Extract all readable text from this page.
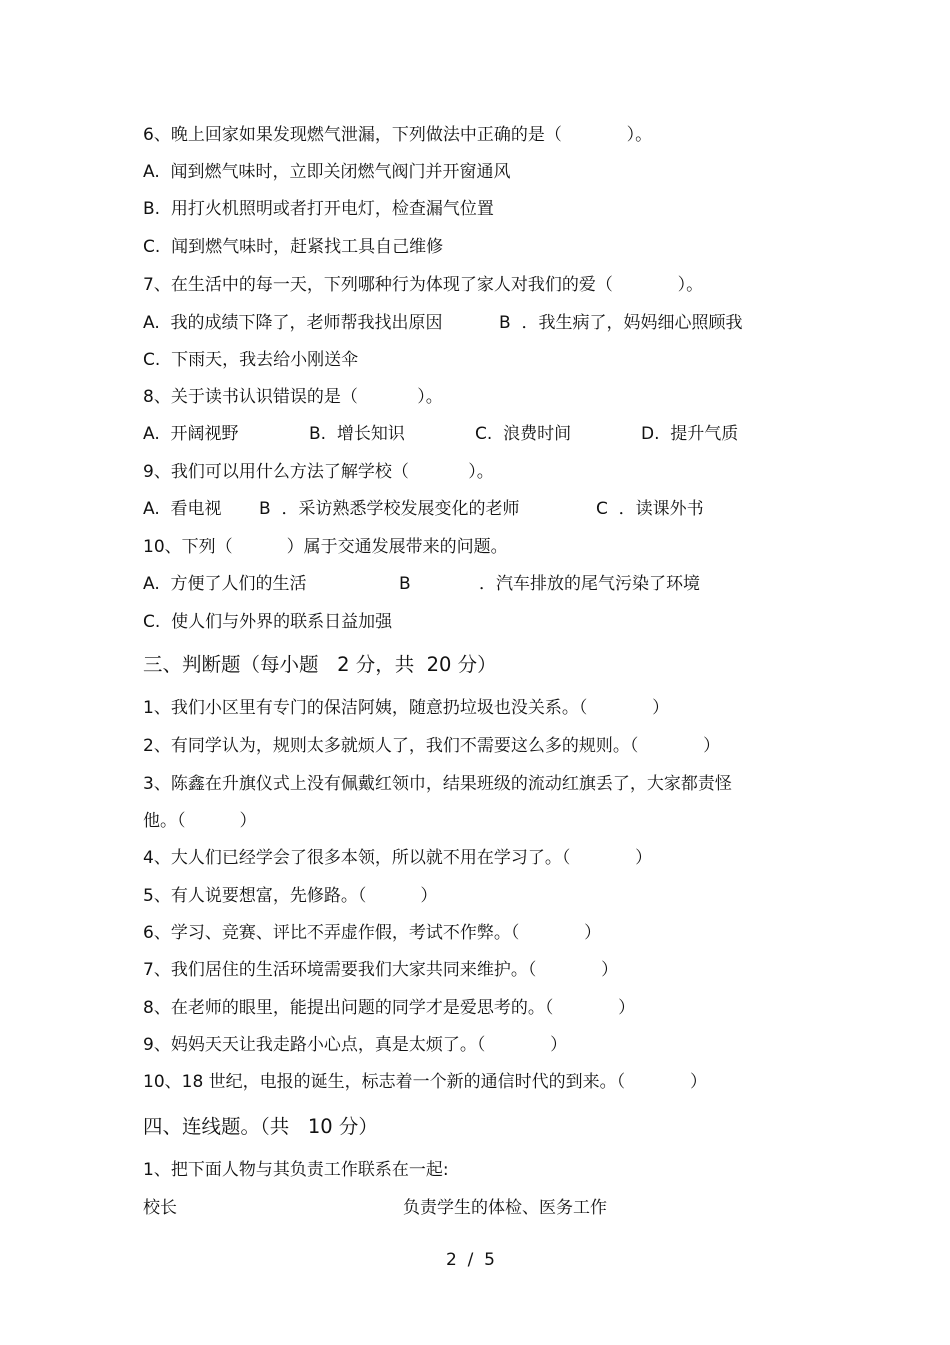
6、晚上回家如果发现燃气泄漏，下列做法中正确的是（            ）。
A.  闻到燃气味时，立即关闭燃气阀门并开窗通风
B.  用打火机照明或者打开电灯，检查漏气位置
C.  闻到燃气味时，赶紧找工具自己维修
7、在生活中的每一天，下列哪种行为体现了家人对我们的爱（            ）。
A.  我的成绩下降了，老师帮我找出原因	B  ．我生病了，妈妈细心照顾我
C.  下雨天，我去给小刚送伞
8、关于读书认识错误的是（           ）。
A.  开阔视野	B.  增长知识	C.  浪费时间	D.  提升气质
9、我们可以用什么方法了解学校（           ）。
A.  看电视 B  ．采访熟悉学校发展变化的老师	C  ．读课外书
10、下列（          ）属于交通发展带来的问题。
A.  方便了人们的生活	B	．汽车排放的尾气污染了环境
C.  使人们与外界的联系日益加强
三、判断题（每小题   2 分，共  20 分）
1、我们小区里有专门的保洁阿姨，随意扔垃圾也没关系。（            ）
2、有同学认为，规则太多就烦人了，我们不需要这么多的规则。（            ）
3、陈鑫在升旗仪式上没有佩戴红领巾，结果班级的流动红旗丢了，大家都责怪
他。（          ）
4、大人们已经学会了很多本领，所以就不用在学习了。（            ）
5、有人说要想富，先修路。（          ）
6、学习、竞赛、评比不弄虚作假，考试不作弊。（            ）
7、我们居住的生活环境需要我们大家共同来维护。（            ）
8、在老师的眼里，能提出问题的同学才是爱思考的。（            ）
9、妈妈天天让我走路小心点，真是太烦了。（            ）
10、18 世纪，电报的诞生，标志着一个新的通信时代的到来。（            ）
四、连线题。（共   10 分）
1、把下面人物与其负责工作联系在一起:
校长	负责学生的体检、医务工作
2  /  5
